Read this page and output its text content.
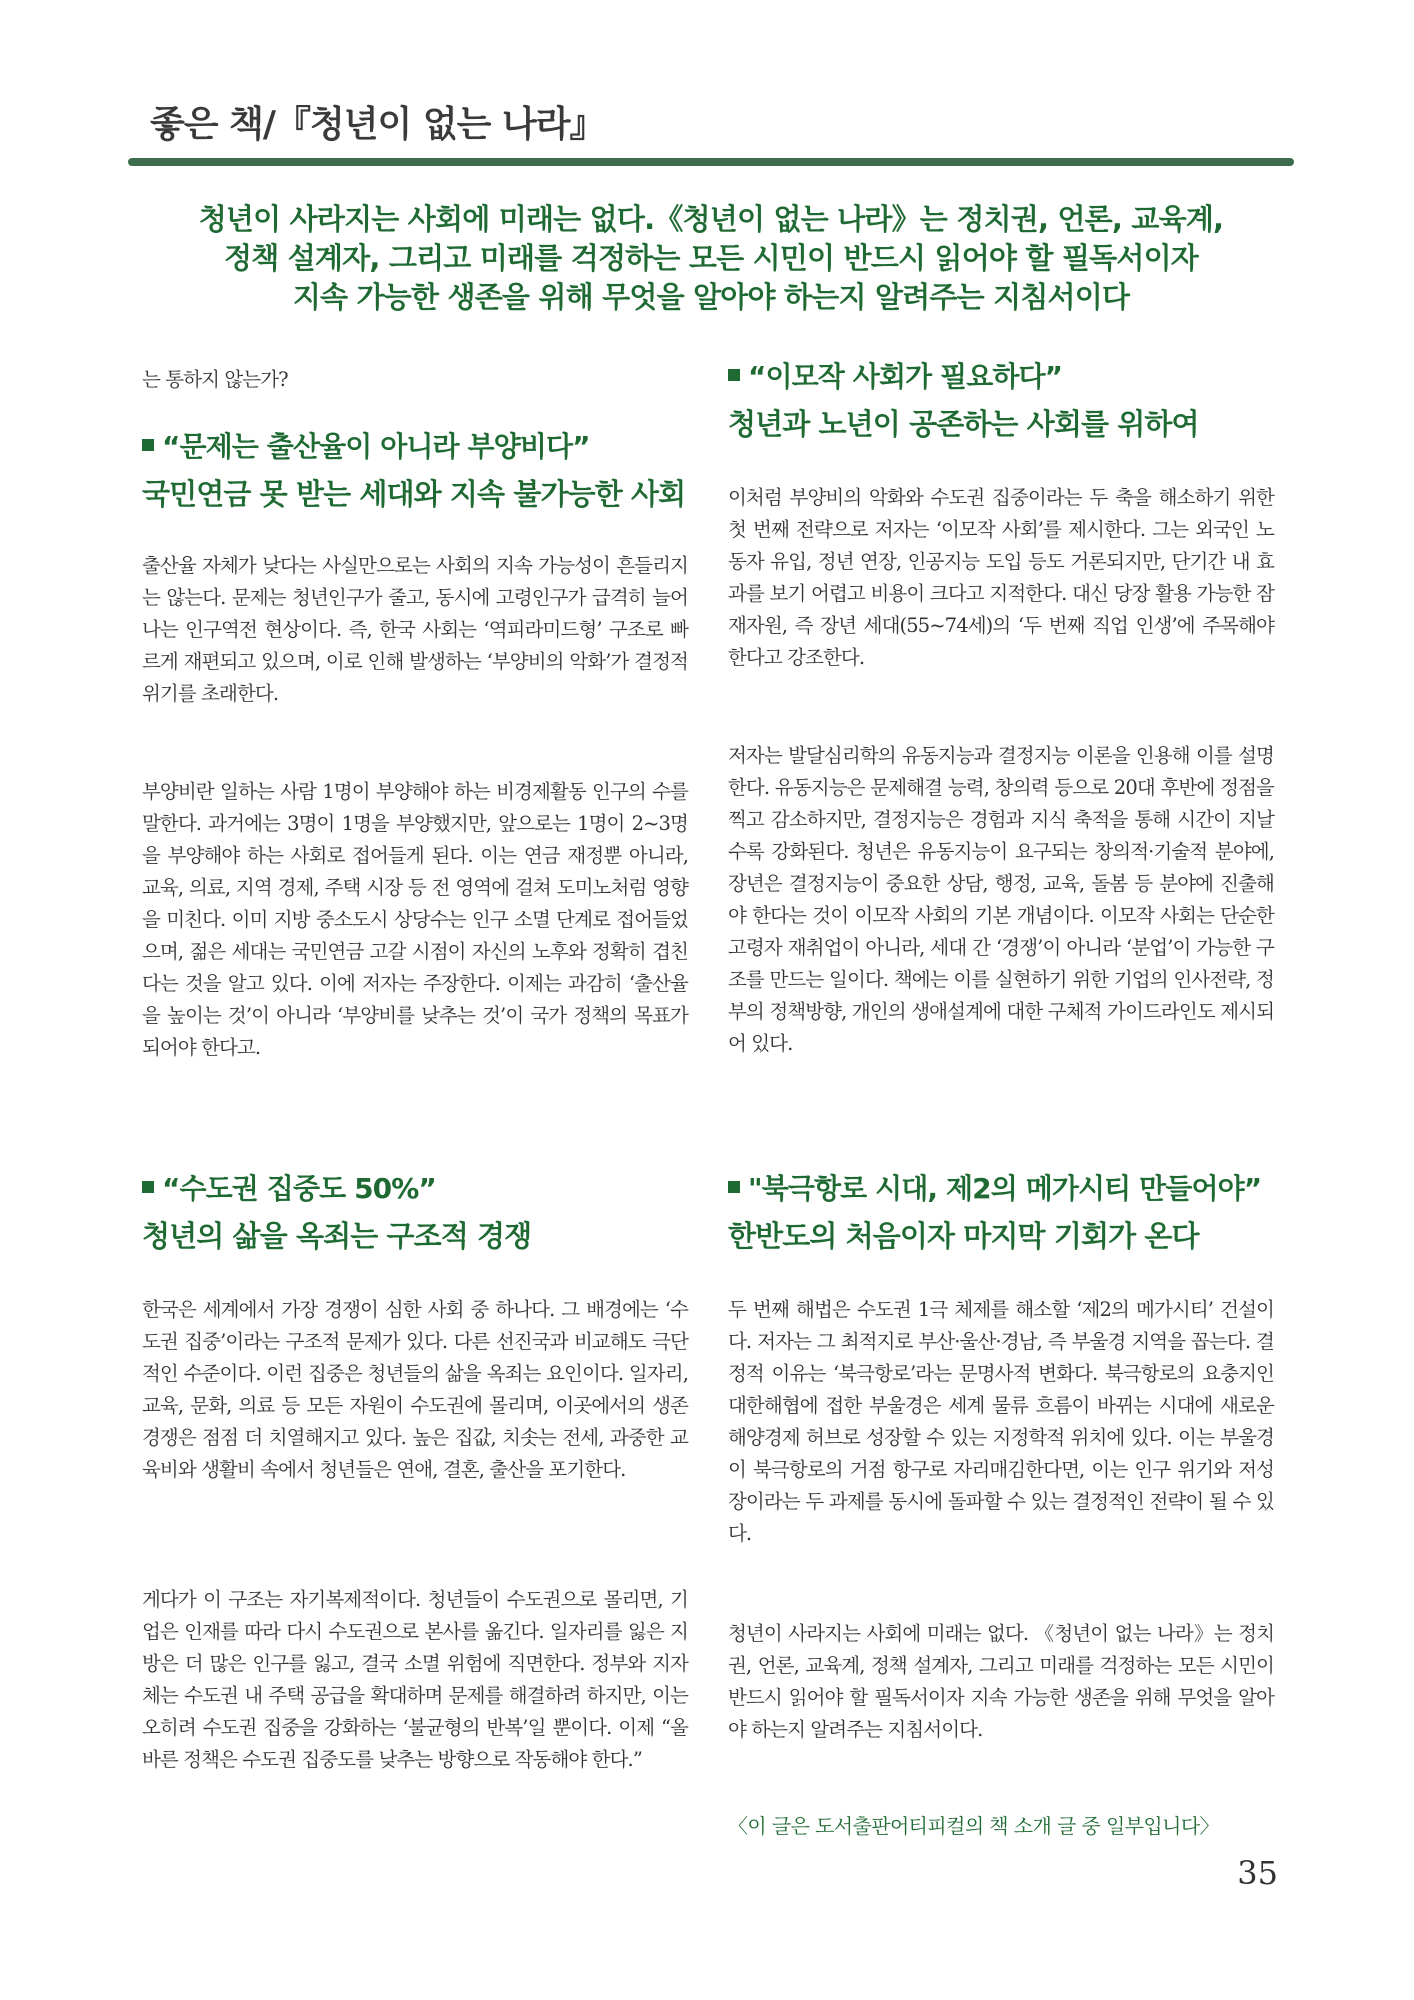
좋은 책/『청년이 없는 나라』
청년이 사라지는 사회에 미래는 없다.《청년이 없는 나라》는 정치권, 언론, 교육계,
정책 설계자, 그리고 미래를 걱정하는 모든 시민이 반드시 읽어야 할 필독서이자
지속 가능한 생존을 위해 무엇을 알아야 하는지 알려주는 지침서이다
는 통하지 않는가?
“문제는 출산율이 아니라 부양비다”
국민연금 못 받는 세대와 지속 불가능한 사회
출산율 자체가 낮다는 사실만으로는 사회의 지속 가능성이 흔들리지는 않는다. 문제는 청년인구가 줄고, 동시에 고령인구가 급격히 늘어나는 인구역전 현상이다. 즉, 한국 사회는 ‘역피라미드형’ 구조로 빠르게 재편되고 있으며, 이로 인해 발생하는 ‘부양비의 악화’가 결정적 위기를 초래한다.
부양비란 일하는 사람 1명이 부양해야 하는 비경제활동 인구의 수를 말한다. 과거에는 3명이 1명을 부양했지만, 앞으로는 1명이 2~3명을 부양해야 하는 사회로 접어들게 된다. 이는 연금 재정뿐 아니라, 교육, 의료, 지역 경제, 주택 시장 등 전 영역에 걸쳐 도미노처럼 영향을 미친다. 이미 지방 중소도시 상당수는 인구 소멸 단계로 접어들었으며, 젊은 세대는 국민연금 고갈 시점이 자신의 노후와 정확히 겹친다는 것을 알고 있다. 이에 저자는 주장한다. 이제는 과감히 ‘출산율을 높이는 것’이 아니라 ‘부양비를 낮추는 것’이 국가 정책의 목표가 되어야 한다고.
“수도권 집중도 50%”
청년의 삶을 옥죄는 구조적 경쟁
한국은 세계에서 가장 경쟁이 심한 사회 중 하나다. 그 배경에는 ‘수도권 집중’이라는 구조적 문제가 있다. 다른 선진국과 비교해도 극단적인 수준이다. 이런 집중은 청년들의 삶을 옥죄는 요인이다. 일자리, 교육, 문화, 의료 등 모든 자원이 수도권에 몰리며, 이곳에서의 생존 경쟁은 점점 더 치열해지고 있다. 높은 집값, 치솟는 전세, 과중한 교육비와 생활비 속에서 청년들은 연애, 결혼, 출산을 포기한다.
게다가 이 구조는 자기복제적이다. 청년들이 수도권으로 몰리면, 기업은 인재를 따라 다시 수도권으로 본사를 옮긴다. 일자리를 잃은 지방은 더 많은 인구를 잃고, 결국 소멸 위험에 직면한다. 정부와 지자체는 수도권 내 주택 공급을 확대하며 문제를 해결하려 하지만, 이는 오히려 수도권 집중을 강화하는 ‘불균형의 반복’일 뿐이다. 이제 “올바른 정책은 수도권 집중도를 낮추는 방향으로 작동해야 한다.”
“이모작 사회가 필요하다”
청년과 노년이 공존하는 사회를 위하여
이처럼 부양비의 악화와 수도권 집중이라는 두 축을 해소하기 위한 첫 번째 전략으로 저자는 ‘이모작 사회’를 제시한다. 그는 외국인 노동자 유입, 정년 연장, 인공지능 도입 등도 거론되지만, 단기간 내 효과를 보기 어렵고 비용이 크다고 지적한다. 대신 당장 활용 가능한 잠재자원, 즉 장년 세대(55~74세)의 ‘두 번째 직업 인생’에 주목해야 한다고 강조한다.
저자는 발달심리학의 유동지능과 결정지능 이론을 인용해 이를 설명한다. 유동지능은 문제해결 능력, 창의력 등으로 20대 후반에 정점을 찍고 감소하지만, 결정지능은 경험과 지식 축적을 통해 시간이 지날수록 강화된다. 청년은 유동지능이 요구되는 창의적·기술적 분야에, 장년은 결정지능이 중요한 상담, 행정, 교육, 돌봄 등 분야에 진출해야 한다는 것이 이모작 사회의 기본 개념이다. 이모작 사회는 단순한 고령자 재취업이 아니라, 세대 간 ‘경쟁’이 아니라 ‘분업’이 가능한 구조를 만드는 일이다. 책에는 이를 실현하기 위한 기업의 인사전략, 정부의 정책방향, 개인의 생애설계에 대한 구체적 가이드라인도 제시되어 있다.
"북극항로 시대, 제2의 메가시티 만들어야”
한반도의 처음이자 마지막 기회가 온다
두 번째 해법은 수도권 1극 체제를 해소할 ‘제2의 메가시티’ 건설이다. 저자는 그 최적지로 부산·울산·경남, 즉 부울경 지역을 꼽는다. 결정적 이유는 ‘북극항로’라는 문명사적 변화다. 북극항로의 요충지인 대한해협에 접한 부울경은 세계 물류 흐름이 바뀌는 시대에 새로운 해양경제 허브로 성장할 수 있는 지정학적 위치에 있다. 이는 부울경이 북극항로의 거점 항구로 자리매김한다면, 이는 인구 위기와 저성장이라는 두 과제를 동시에 돌파할 수 있는 결정적인 전략이 될 수 있다.
청년이 사라지는 사회에 미래는 없다. 《청년이 없는 나라》는 정치권, 언론, 교육계, 정책 설계자, 그리고 미래를 걱정하는 모든 시민이 반드시 읽어야 할 필독서이자 지속 가능한 생존을 위해 무엇을 알아야 하는지 알려주는 지침서이다.
〈이 글은 도서출판어티피컬의 책 소개 글 중 일부입니다〉
35
